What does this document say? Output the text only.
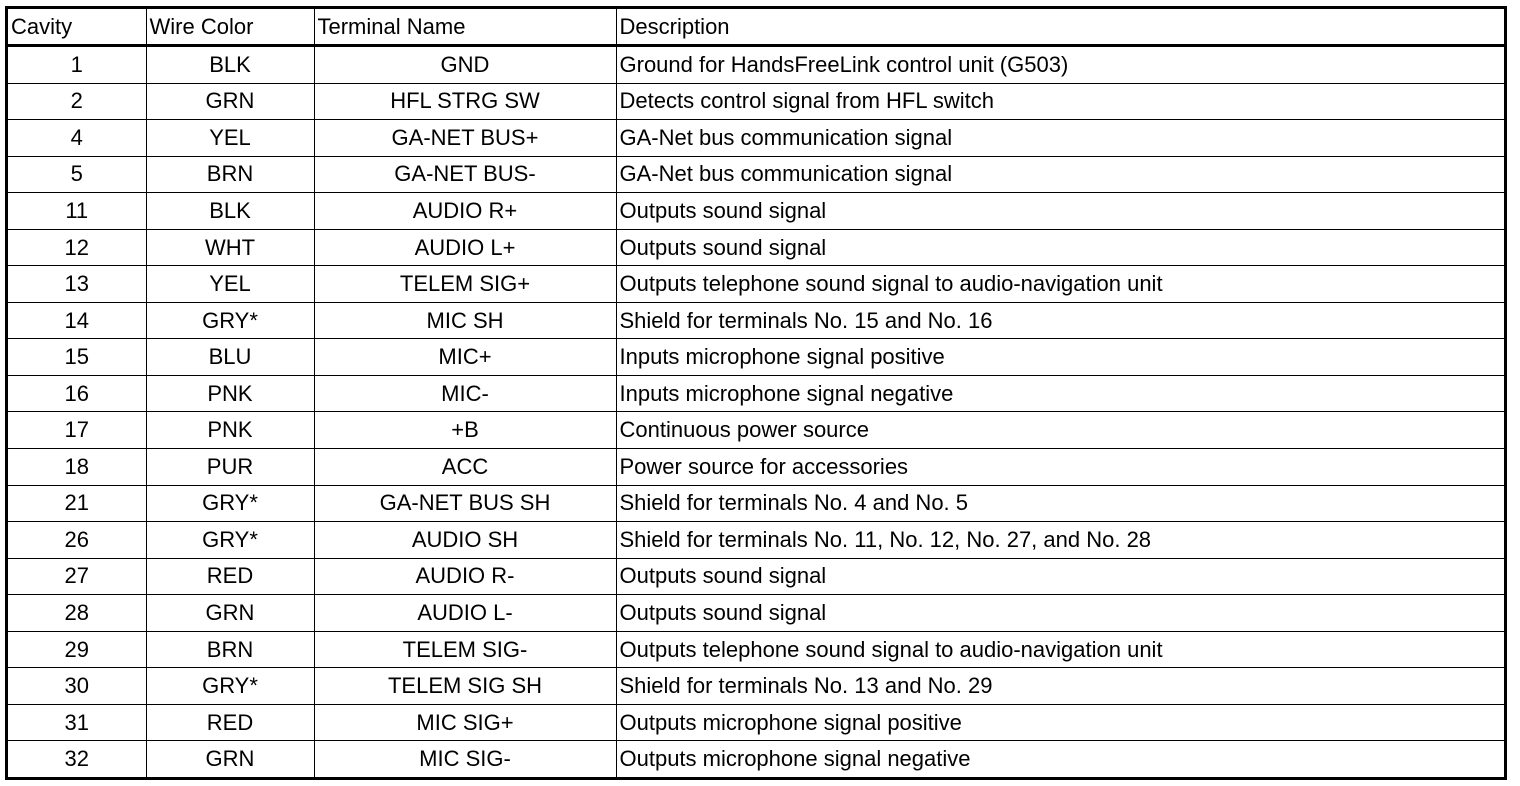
Cavity	Wire Color	Terminal Name	Description
1	BLK	GND	Ground for HandsFreeLink control unit (G503)
2	GRN	HFL STRG SW	Detects control signal from HFL switch
4	YEL	GA-NET BUS+	GA-Net bus communication signal
5	BRN	GA-NET BUS-	GA-Net bus communication signal
11	BLK	AUDIO R+	Outputs sound signal
12	WHT	AUDIO L+	Outputs sound signal
13	YEL	TELEM SIG+	Outputs telephone sound signal to audio-navigation unit
14	GRY*	MIC SH	Shield for terminals No. 15 and No. 16
15	BLU	MIC+	Inputs microphone signal positive
16	PNK	MIC-	Inputs microphone signal negative
17	PNK	+B	Continuous power source
18	PUR	ACC	Power source for accessories
21	GRY*	GA-NET BUS SH	Shield for terminals No. 4 and No. 5
26	GRY*	AUDIO SH	Shield for terminals No. 11, No. 12, No. 27, and No. 28
27	RED	AUDIO R-	Outputs sound signal
28	GRN	AUDIO L-	Outputs sound signal
29	BRN	TELEM SIG-	Outputs telephone sound signal to audio-navigation unit
30	GRY*	TELEM SIG SH	Shield for terminals No. 13 and No. 29
31	RED	MIC SIG+	Outputs microphone signal positive
32	GRN	MIC SIG-	Outputs microphone signal negative
